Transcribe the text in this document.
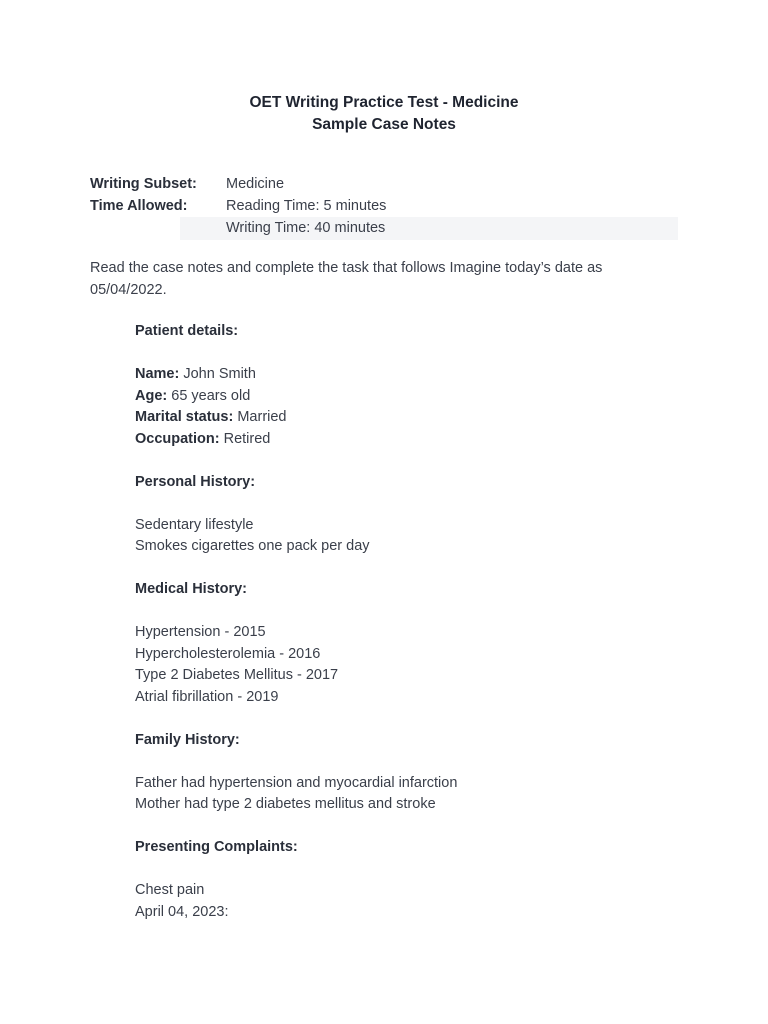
OET Writing Practice Test - Medicine
Sample Case Notes
Writing Subset: Medicine
Time Allowed:	Reading Time: 5 minutes
Writing Time: 40 minutes
Read the case notes and complete the task that follows Imagine today’s date as 05/04/2022.
Patient details:
Name: John Smith
Age: 65 years old
Marital status: Married
Occupation: Retired
Personal History:
Sedentary lifestyle
Smokes cigarettes one pack per day
Medical History:
Hypertension - 2015
Hypercholesterolemia - 2016
Type 2 Diabetes Mellitus - 2017
Atrial fibrillation - 2019
Family History:
Father had hypertension and myocardial infarction
Mother had type 2 diabetes mellitus and stroke
Presenting Complaints:
Chest pain
April 04, 2023:
